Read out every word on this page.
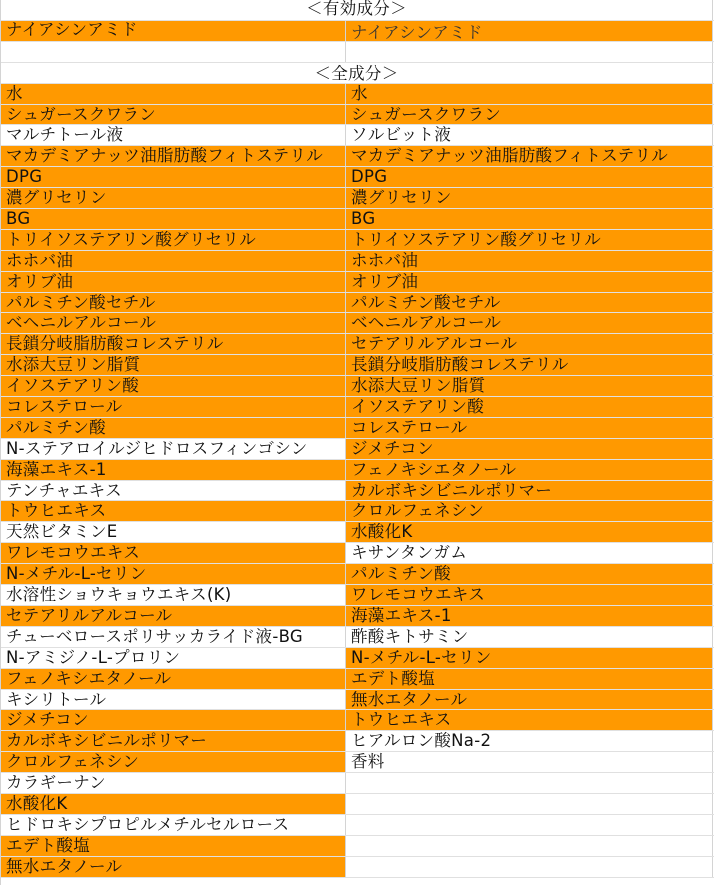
＜有効成分＞
ナイアシンアミド	ナイアシンアミド
＜全成分＞
水	水
シュガースクワラン	シュガースクワラン
マルチトール液	ソルビット液
マカデミアナッツ油脂肪酸フィトステリル	マカデミアナッツ油脂肪酸フィトステリル
DPG	DPG
濃グリセリン	濃グリセリン
BG	BG
トリイソステアリン酸グリセリル	トリイソステアリン酸グリセリル
ホホバ油	ホホバ油
オリブ油	オリブ油
パルミチン酸セチル	パルミチン酸セチル
ベヘニルアルコール	ベヘニルアルコール
長鎖分岐脂肪酸コレステリル	セテアリルアルコール
水添大豆リン脂質	長鎖分岐脂肪酸コレステリル
イソステアリン酸	水添大豆リン脂質
コレステロール	イソステアリン酸
パルミチン酸	コレステロール
N-ステアロイルジヒドロスフィンゴシン	ジメチコン
海藻エキス-1	フェノキシエタノール
テンチャエキス	カルボキシビニルポリマー
トウヒエキス	クロルフェネシン
天然ビタミンE	水酸化K
ワレモコウエキス	キサンタンガム
N-メチル-L-セリン	パルミチン酸
水溶性ショウキョウエキス(K)	ワレモコウエキス
セテアリルアルコール	海藻エキス-1
チューベロースポリサッカライド液-BG	酢酸キトサミン
N-アミジノ-L-プロリン	N-メチル-L-セリン
フェノキシエタノール	エデト酸塩
キシリトール	無水エタノール
ジメチコン	トウヒエキス
カルボキシビニルポリマー	ヒアルロン酸Na-2
クロルフェネシン	香料
カラギーナン
水酸化K
ヒドロキシプロピルメチルセルロース
エデト酸塩
無水エタノール
